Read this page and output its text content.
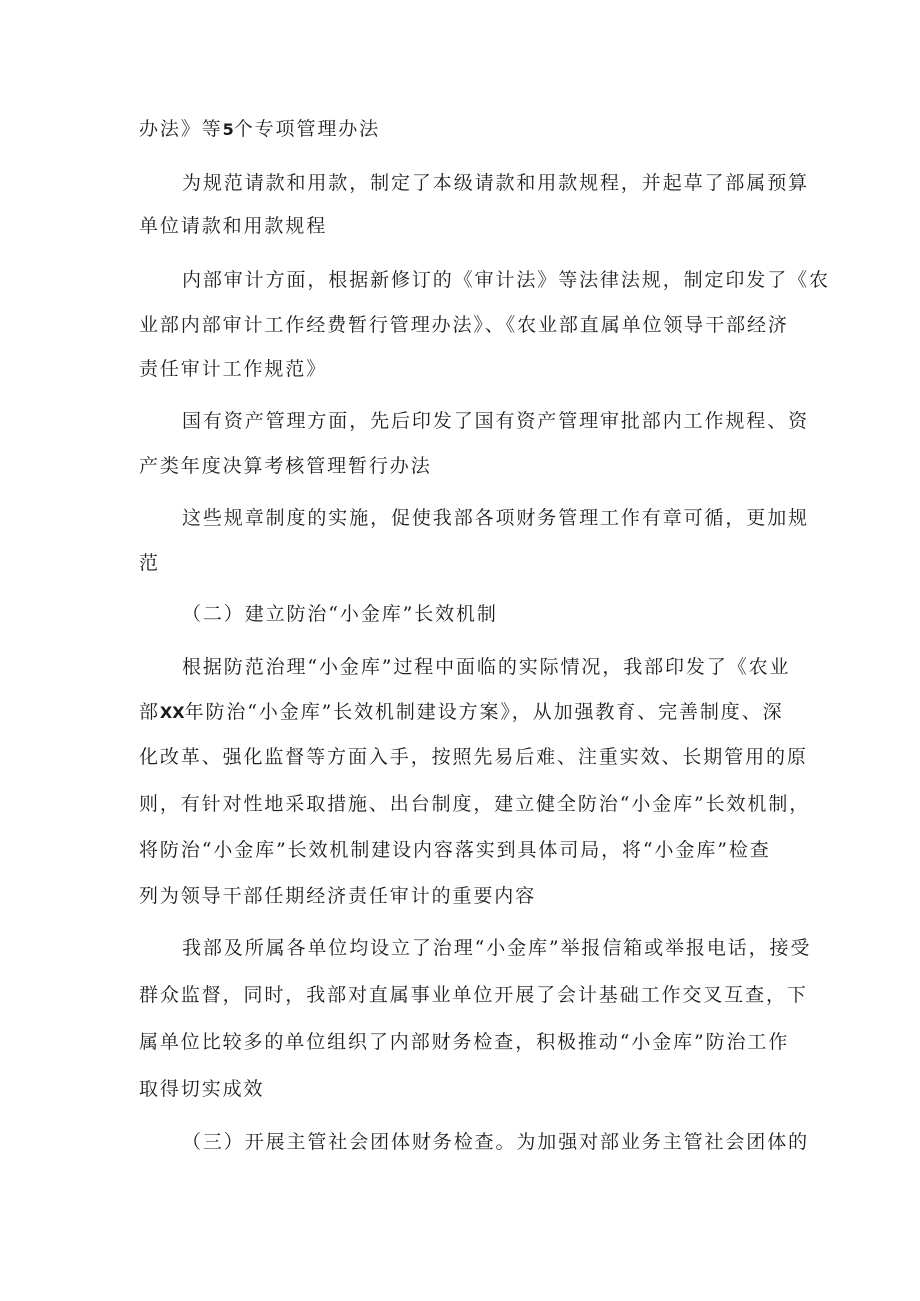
办法》等5个专项管理办法
为规范请款和用款，制定了本级请款和用款规程，并起草了部属预算
单位请款和用款规程
内部审计方面，根据新修订的《审计法》等法律法规，制定印发了《农
业部内部审计工作经费暂行管理办法》、《农业部直属单位领导干部经济
责任审计工作规范》
国有资产管理方面，先后印发了国有资产管理审批部内工作规程、资
产类年度决算考核管理暂行办法
这些规章制度的实施，促使我部各项财务管理工作有章可循，更加规
范
（二）建立防治“小金库”长效机制
根据防范治理“小金库”过程中面临的实际情况，我部印发了《农业
部XX年防治“小金库”长效机制建设方案》，从加强教育、完善制度、深
化改革、强化监督等方面入手，按照先易后难、注重实效、长期管用的原
则，有针对性地采取措施、出台制度，建立健全防治“小金库”长效机制，
将防治“小金库”长效机制建设内容落实到具体司局，将“小金库”检查
列为领导干部任期经济责任审计的重要内容
我部及所属各单位均设立了治理“小金库”举报信箱或举报电话，接受
群众监督，同时，我部对直属事业单位开展了会计基础工作交叉互查，下
属单位比较多的单位组织了内部财务检查，积极推动“小金库”防治工作
取得切实成效
（三）开展主管社会团体财务检查。为加强对部业务主管社会团体的
